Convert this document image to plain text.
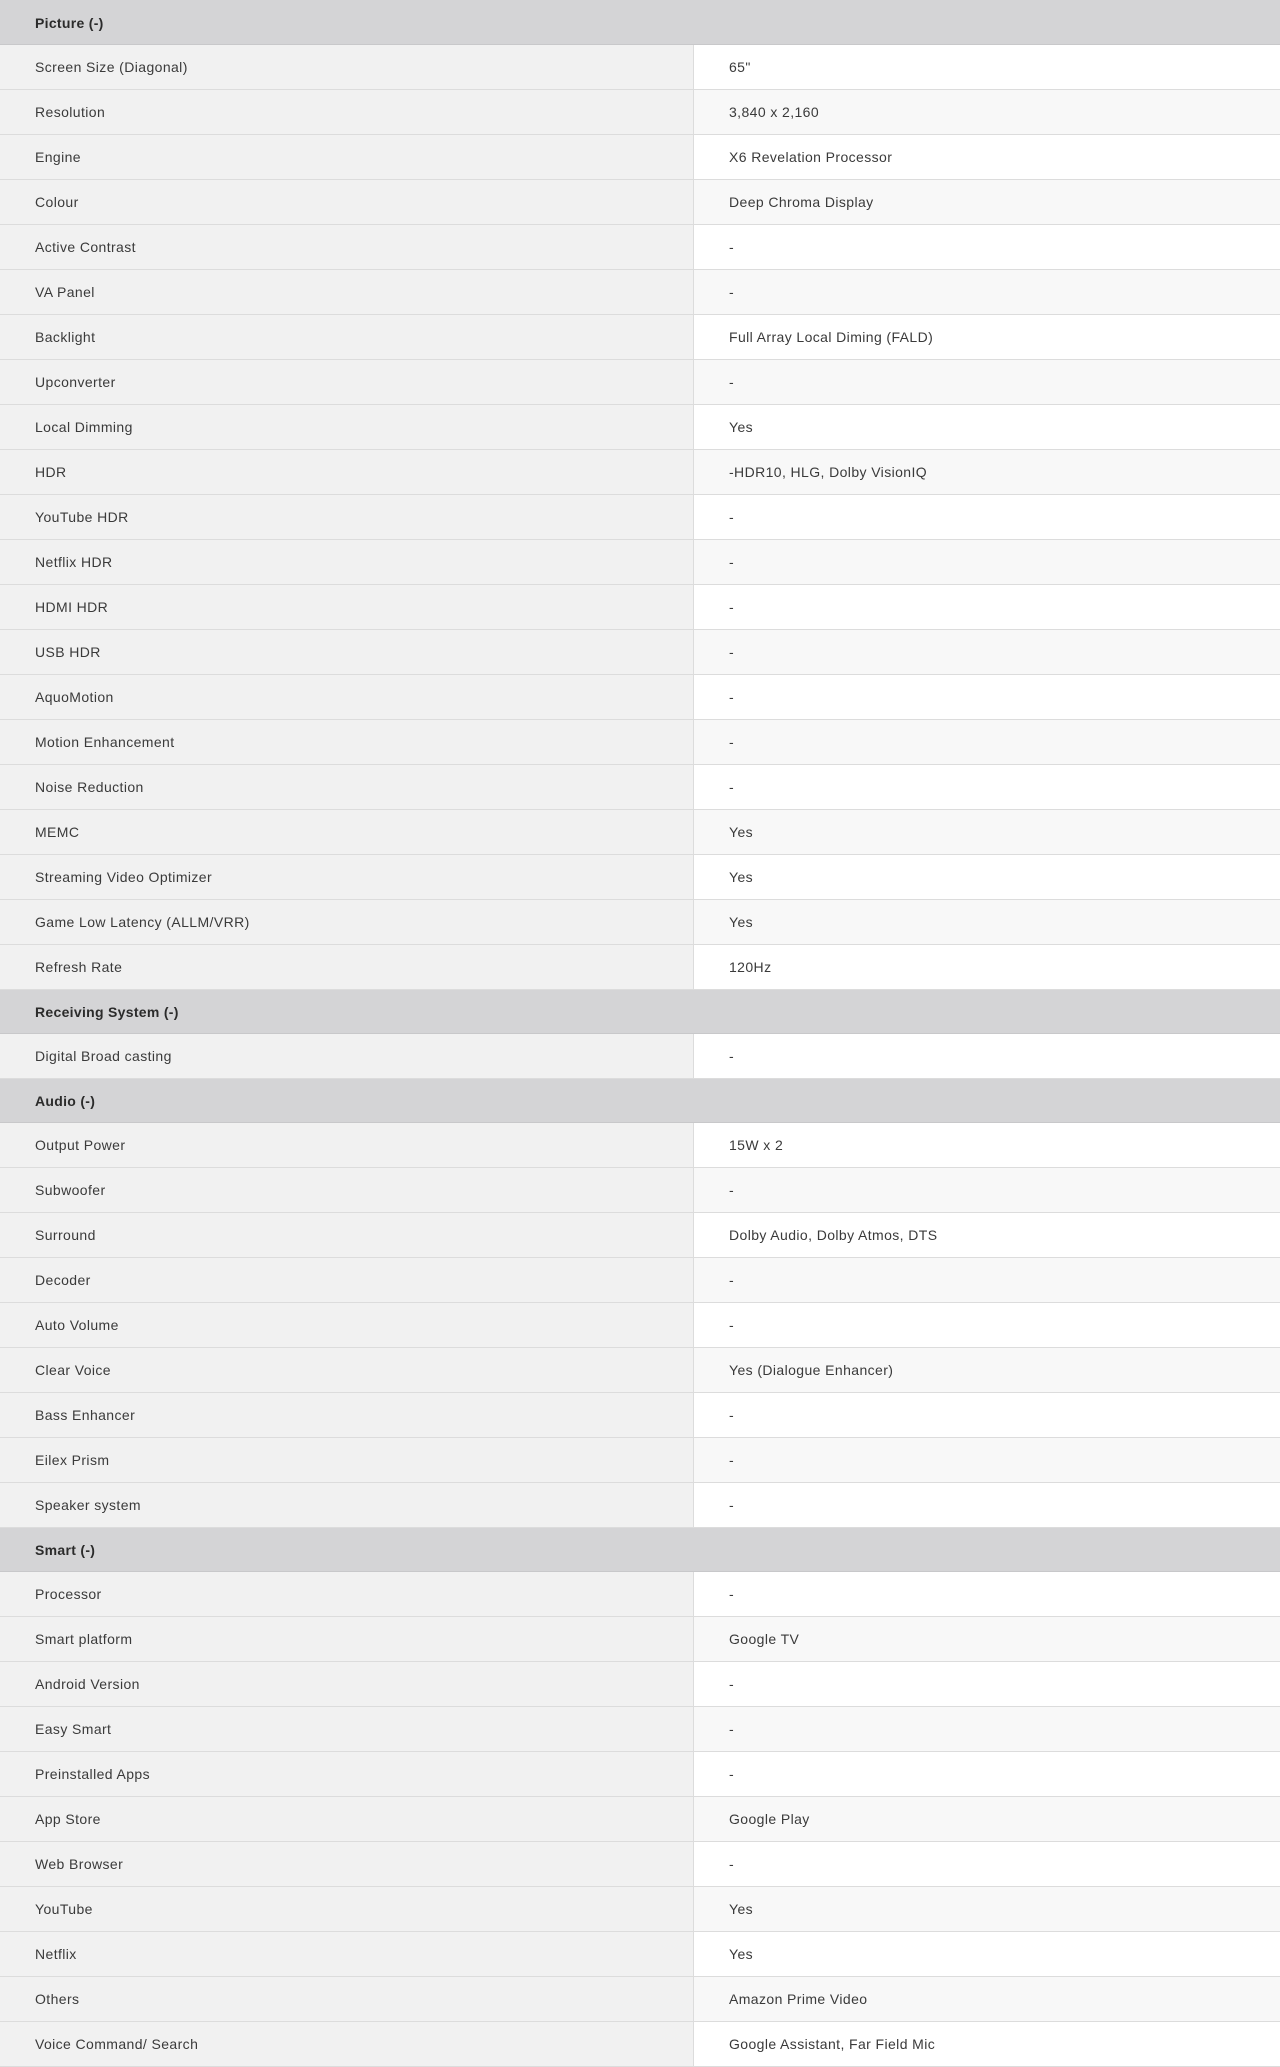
Picture (-)
Screen Size (Diagonal)	65"
Resolution	3,840 x 2,160
Engine	X6 Revelation Processor
Colour	Deep Chroma Display
Active Contrast	-
VA Panel	-
Backlight	Full Array Local Diming (FALD)
Upconverter	-
Local Dimming	Yes
HDR	-HDR10, HLG, Dolby VisionIQ
YouTube HDR	-
Netflix HDR	-
HDMI HDR	-
USB HDR	-
AquoMotion	-
Motion Enhancement	-
Noise Reduction	-
MEMC	Yes
Streaming Video Optimizer	Yes
Game Low Latency (ALLM/VRR)	Yes
Refresh Rate	120Hz
Receiving System (-)
Digital Broad casting	-
Audio (-)
Output Power	15W x 2
Subwoofer	-
Surround	Dolby Audio, Dolby Atmos, DTS
Decoder	-
Auto Volume	-
Clear Voice	Yes (Dialogue Enhancer)
Bass Enhancer	-
Eilex Prism	-
Speaker system	-
Smart (-)
Processor	-
Smart platform	Google TV
Android Version	-
Easy Smart	-
Preinstalled Apps	-
App Store	Google Play
Web Browser	-
YouTube	Yes
Netflix	Yes
Others	Amazon Prime Video
Voice Command/ Search	Google Assistant, Far Field Mic
